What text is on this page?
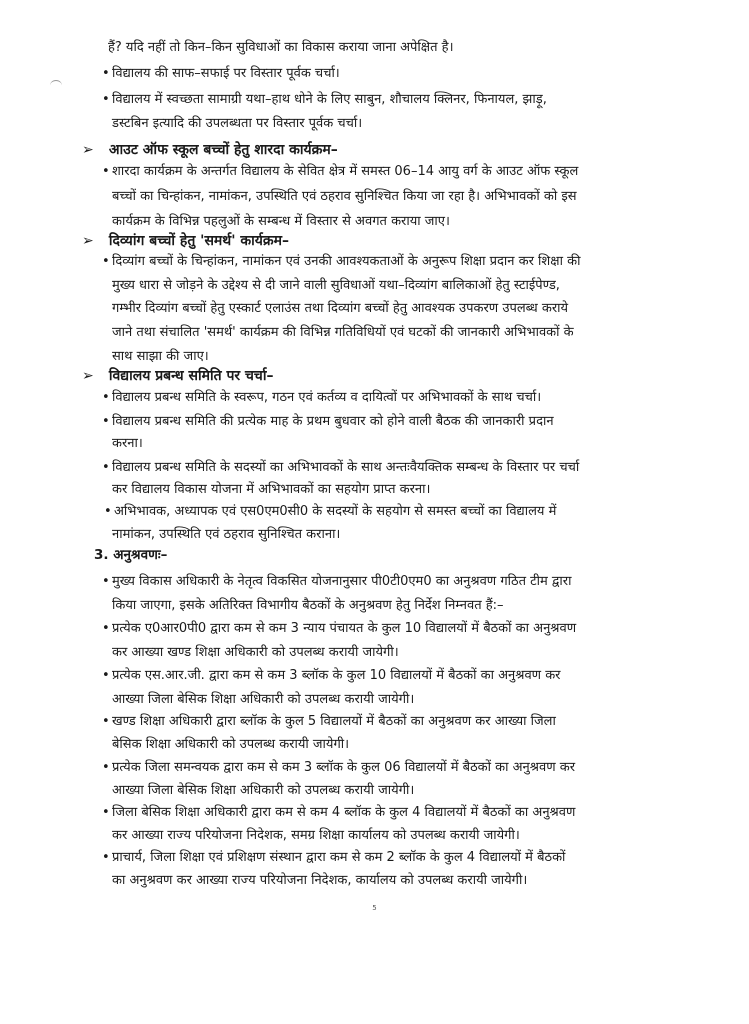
हैं? यदि नहीं तो किन–किन सुविधाओं का विकास कराया जाना अपेक्षित है।
• विद्यालय की साफ–सफाई पर विस्तार पूर्वक चर्चा।
• विद्यालय में स्वच्छता सामाग्री यथा–हाथ धोने के लिए साबुन, शौचालय क्लिनर, फिनायल, झाड़ू,
डस्टबिन इत्यादि की उपलब्धता पर विस्तार पूर्वक चर्चा।
➢ आउट ऑफ स्कूल बच्चों हेतु शारदा कार्यक्रम–
• शारदा कार्यक्रम के अन्तर्गत विद्यालय के सेवित क्षेत्र में समस्त 06–14 आयु वर्ग के आउट ऑफ स्कूल
बच्चों का चिन्हांकन, नामांकन, उपस्थिति एवं ठहराव सुनिश्चित किया जा रहा है। अभिभावकों को इस
कार्यक्रम के विभिन्न पहलुओं के सम्बन्ध में विस्तार से अवगत कराया जाए।
➢ दिव्यांग बच्चों हेतु 'समर्थ' कार्यक्रम–
• दिव्यांग बच्चों के चिन्हांकन, नामांकन एवं उनकी आवश्यकताओं के अनुरूप शिक्षा प्रदान कर शिक्षा की
मुख्य धारा से जोड़ने के उद्देश्य से दी जाने वाली सुविधाओं यथा–दिव्यांग बालिकाओं हेतु स्टाईपेण्ड,
गम्भीर दिव्यांग बच्चों हेतु एस्कार्ट एलाउंस तथा दिव्यांग बच्चों हेतु आवश्यक उपकरण उपलब्ध कराये
जाने तथा संचालित 'समर्थ' कार्यक्रम की विभिन्न गतिविधियों एवं घटकों की जानकारी अभिभावकों के
साथ साझा की जाए।
➢ विद्यालय प्रबन्ध समिति पर चर्चा–
• विद्यालय प्रबन्ध समिति के स्वरूप, गठन एवं कर्तव्य व दायित्वों पर अभिभावकों के साथ चर्चा।
• विद्यालय प्रबन्ध समिति की प्रत्येक माह के प्रथम बुधवार को होने वाली बैठक की जानकारी प्रदान
करना।
• विद्यालय प्रबन्ध समिति के सदस्यों का अभिभावकों के साथ अन्तःवैयक्तिक सम्बन्ध के विस्तार पर चर्चा
कर विद्यालय विकास योजना में अभिभावकों का सहयोग प्राप्त करना।
• अभिभावक, अध्यापक एवं एस0एम0सी0 के सदस्यों के सहयोग से समस्त बच्चों का विद्यालय में
नामांकन, उपस्थिति एवं ठहराव सुनिश्चित कराना।
3. अनुश्रवणः–
• मुख्य विकास अधिकारी के नेतृत्व विकसित योजनानुसार पी0टी0एम0 का अनुश्रवण गठित टीम द्वारा
किया जाएगा, इसके अतिरिक्त विभागीय बैठकों के अनुश्रवण हेतु निर्देश निम्नवत हैं:–
• प्रत्येक ए0आर0पी0 द्वारा कम से कम 3 न्याय पंचायत के कुल 10 विद्यालयों में बैठकों का अनुश्रवण
कर आख्या खण्ड शिक्षा अधिकारी को उपलब्ध करायी जायेगी।
• प्रत्येक एस.आर.जी. द्वारा कम से कम 3 ब्लॉक के कुल 10 विद्यालयों में बैठकों का अनुश्रवण कर
आख्या जिला बेसिक शिक्षा अधिकारी को उपलब्ध करायी जायेगी।
• खण्ड शिक्षा अधिकारी द्वारा ब्लॉक के कुल 5 विद्यालयों में बैठकों का अनुश्रवण कर आख्या जिला
बेसिक शिक्षा अधिकारी को उपलब्ध करायी जायेगी।
• प्रत्येक जिला समन्वयक द्वारा कम से कम 3 ब्लॉक के कुल 06 विद्यालयों में बैठकों का अनुश्रवण कर
आख्या जिला बेसिक शिक्षा अधिकारी को उपलब्ध करायी जायेगी।
• जिला बेसिक शिक्षा अधिकारी द्वारा कम से कम 4 ब्लॉक के कुल 4 विद्यालयों में बैठकों का अनुश्रवण
कर आख्या राज्य परियोजना निदेशक, समग्र शिक्षा कार्यालय को उपलब्ध करायी जायेगी।
• प्राचार्य, जिला शिक्षा एवं प्रशिक्षण संस्थान द्वारा कम से कम 2 ब्लॉक के कुल 4 विद्यालयों में बैठकों
का अनुश्रवण कर आख्या राज्य परियोजना निदेशक, कार्यालय को उपलब्ध करायी जायेगी।
5
